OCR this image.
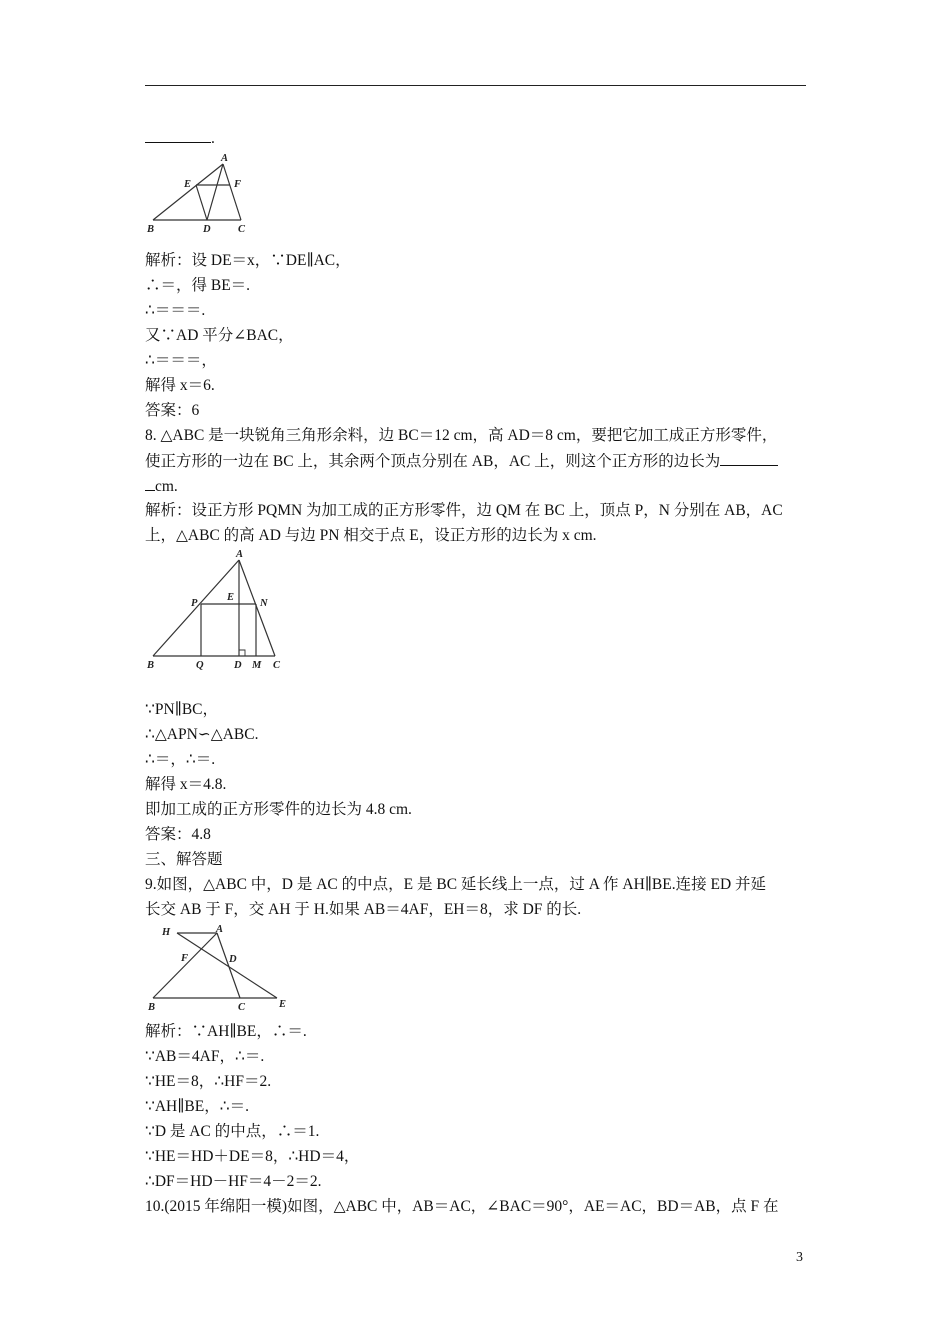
.
A
E	F
B	D	C
解析：设 DE＝x，∵DE∥AC，
∴＝，得 BE＝.
∴＝＝＝.
又∵AD 平分∠BAC，
∴＝＝＝，
解得 x＝6.
答案：6
8. △ABC 是一块锐角三角形余料，边 BC＝12 cm，高 AD＝8 cm，要把它加工成正方形零件，
使正方形的一边在 BC 上，其余两个顶点分别在 AB，AC 上，则这个正方形的边长为
cm.
解析：设正方形 PQMN 为加工成的正方形零件，边 QM 在 BC 上，顶点 P，N 分别在 AB，AC
上，△ABC 的高 AD 与边 PN 相交于点 E，设正方形的边长为 x cm.
A
P
E
N
B	Q	D M C
∵PN∥BC，
∴△APN∽△ABC.
∴＝，∴＝.
解得 x＝4.8.
即加工成的正方形零件的边长为 4.8 cm.
答案：4.8
三、解答题
9.如图，△ABC 中，D 是 AC 的中点，E 是 BC 延长线上一点，过 A 作 AH∥BE.连接 ED 并延
长交 AB 于 F，交 AH 于 H.如果 AB＝4AF，EH＝8，求 DF 的长.
H	A
F	D
B	C	E
解析：∵AH∥BE，∴＝.
∵AB＝4AF，∴＝.
∵HE＝8，∴HF＝2.
∵AH∥BE，∴＝.
∵D 是 AC 的中点，∴＝1.
∵HE＝HD＋DE＝8，∴HD＝4，
∴DF＝HD－HF＝4－2＝2.
10.(2015 年绵阳一模)如图，△ABC 中，AB＝AC，∠BAC＝90°，AE＝AC，BD＝AB，点 F 在
3
